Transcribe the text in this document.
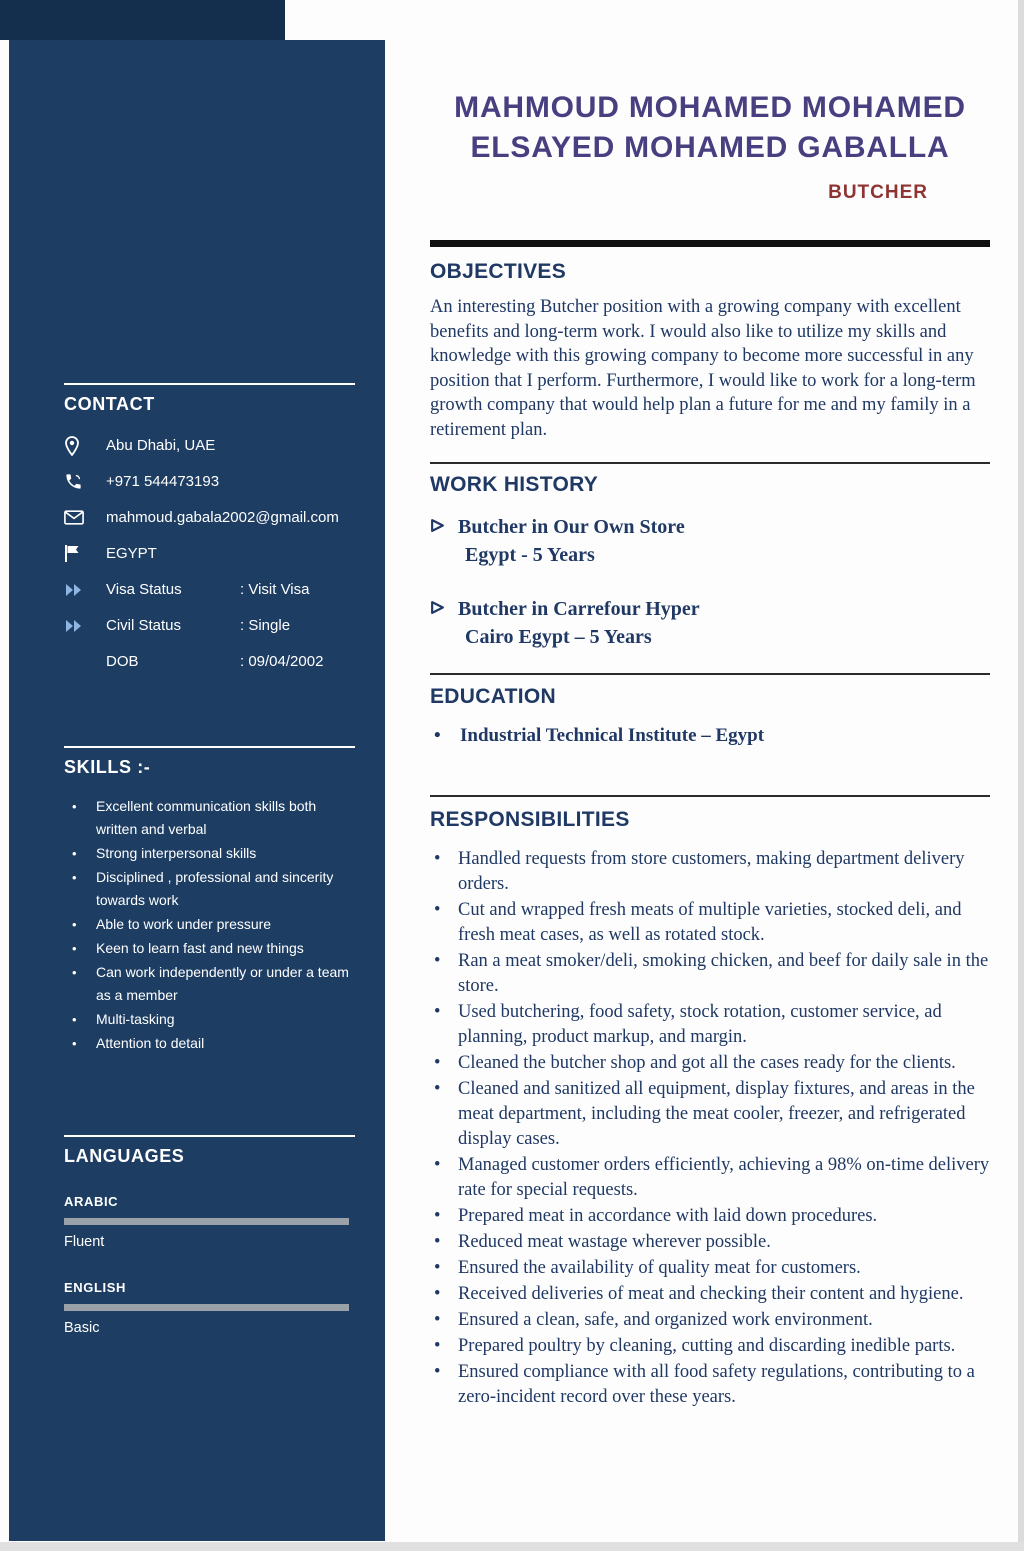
CONTACT
Abu Dhabi, UAE
+971 544473193
mahmoud.gabala2002@gmail.com
EGYPT
Visa Status	: Visit Visa
Civil Status	: Single
DOB	: 09/04/2002
SKILLS :-
• Excellent communication skills both written and verbal
• Strong interpersonal skills
• Disciplined , professional and sincerity towards work
• Able to work under pressure
• Keen to learn fast and new things
• Can work independently or under a team as a member
• Multi-tasking
• Attention to detail
LANGUAGES
ARABIC
Fluent
ENGLISH
Basic
MAHMOUD MOHAMED MOHAMED
ELSAYED MOHAMED GABALLA
BUTCHER
OBJECTIVES

An interesting Butcher position with a growing company with excellent benefits and long-term work. I would also like to utilize my skills and knowledge with this growing company to become more successful in any position that I perform. Furthermore, I would like to work for a long-term growth company that would help plan a future for me and my family in a retirement plan.

WORK HISTORY
Butcher in Our Own Store
Egypt - 5 Years
Butcher in Carrefour Hyper
Cairo Egypt – 5 Years
EDUCATION
• Industrial Technical Institute – Egypt
RESPONSIBILITIES
• Handled requests from store customers, making department delivery orders.
• Cut and wrapped fresh meats of multiple varieties, stocked deli, and fresh meat cases, as well as rotated stock.
• Ran a meat smoker/deli, smoking chicken, and beef for daily sale in the store.
• Used butchering, food safety, stock rotation, customer service, ad planning, product markup, and margin.
• Cleaned the butcher shop and got all the cases ready for the clients.
• Cleaned and sanitized all equipment, display fixtures, and areas in the meat department, including the meat cooler, freezer, and refrigerated display cases.
• Managed customer orders efficiently, achieving a 98% on-time delivery rate for special requests.
• Prepared meat in accordance with laid down procedures.
• Reduced meat wastage wherever possible.
• Ensured the availability of quality meat for customers.
• Received deliveries of meat and checking their content and hygiene.
• Ensured a clean, safe, and organized work environment.
• Prepared poultry by cleaning, cutting and discarding inedible parts.
• Ensured compliance with all food safety regulations, contributing to a zero-incident record over these years.
